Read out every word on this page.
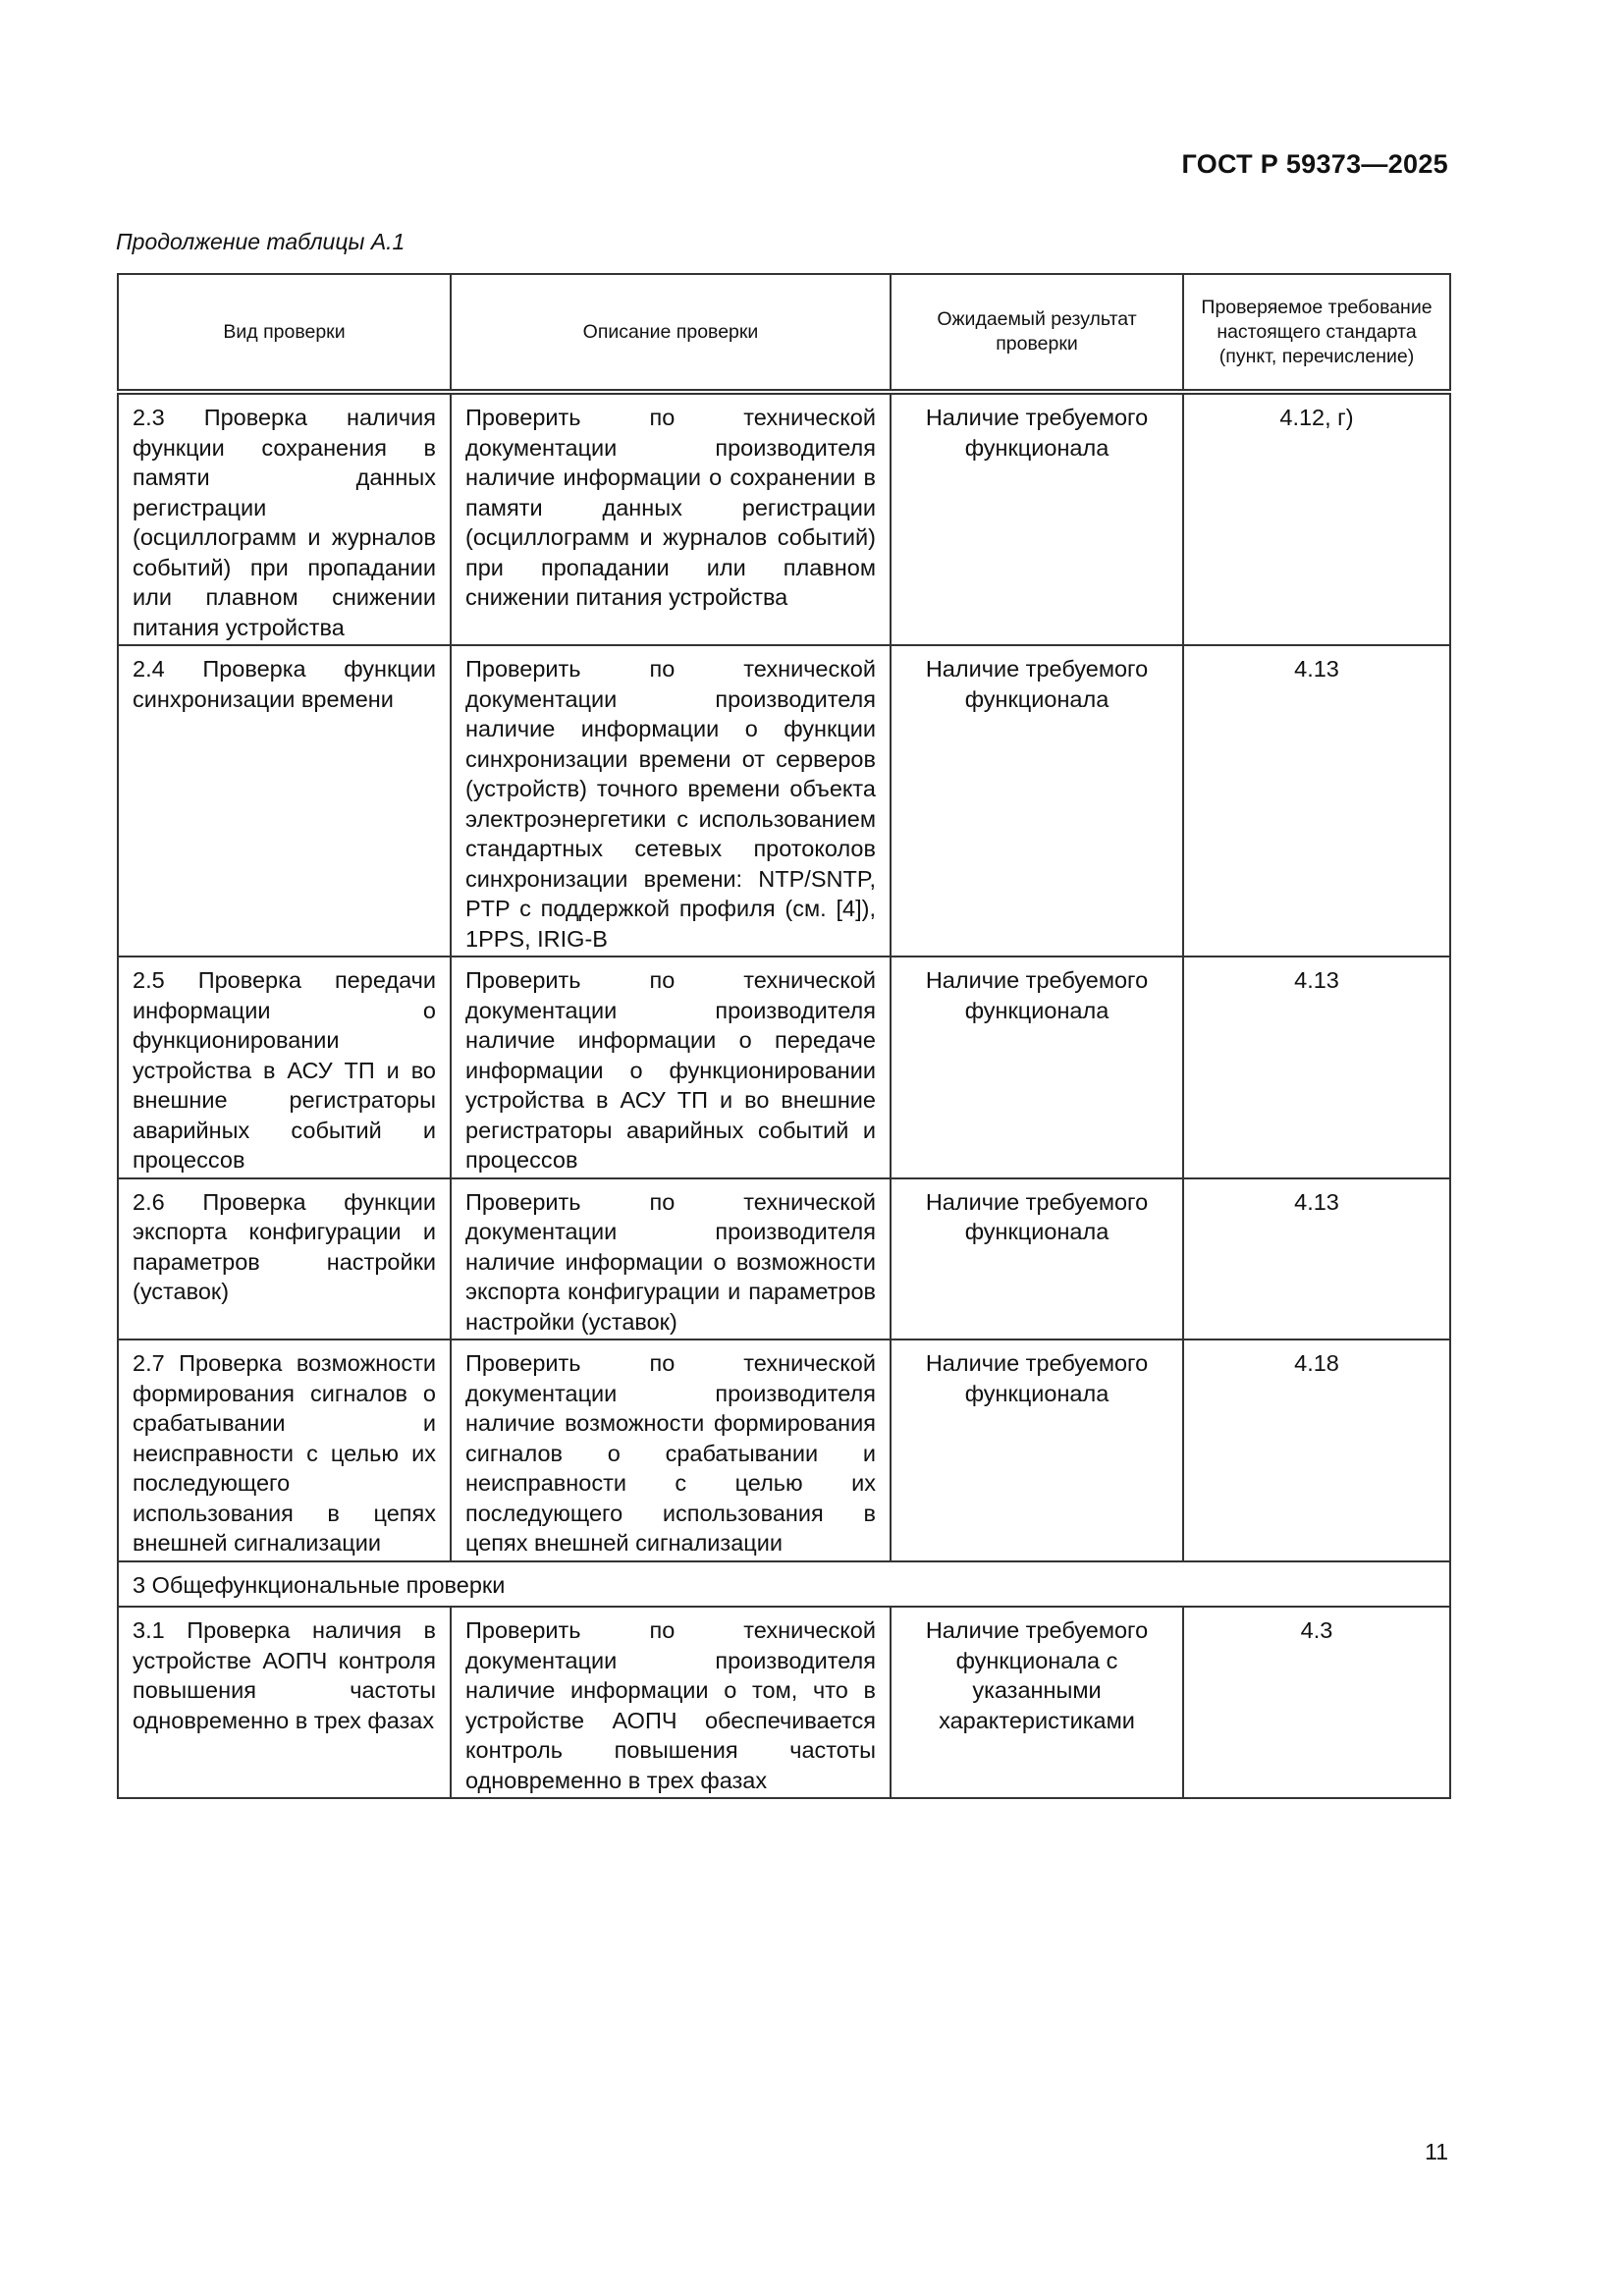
ГОСТ Р 59373—2025
Продолжение таблицы А.1
Вид проверки	Описание проверки	Ожидаемый результат проверки	Проверяемое требование настоящего стандарта (пункт, перечисление)
2.3 Проверка наличия функции сохранения в памяти данных регистрации (осциллограмм и журналов событий) при пропадании или плавном снижении питания устройства	Проверить по технической документации производителя наличие информации о сохранении в памяти данных регистрации (осциллограмм и журналов событий) при пропадании или плавном снижении питания устройства	Наличие требуемого функционала	4.12, г)
2.4 Проверка функции синхронизации времени	Проверить по технической документации производителя наличие информации о функции синхронизации времени от серверов (устройств) точного времени объекта электроэнергетики с использованием стандартных сетевых протоколов синхронизации времени: NTP/SNTP, PTP с поддержкой профиля (см. [4]), 1PPS, IRIG-B	Наличие требуемого функционала	4.13
2.5 Проверка передачи информации о функционировании устройства в АСУ ТП и во внешние регистраторы аварийных событий и процессов	Проверить по технической документации производителя наличие информации о передаче информации о функционировании устройства в АСУ ТП и во внешние регистраторы аварийных событий и процессов	Наличие требуемого функционала	4.13
2.6 Проверка функции экспорта конфигурации и параметров настройки (уставок)	Проверить по технической документации производителя наличие информации о возможности экспорта конфигурации и параметров настройки (уставок)	Наличие требуемого функционала	4.13
2.7 Проверка возможности формирования сигналов о срабатывании и неисправности с целью их последующего использования в цепях внешней сигнализации	Проверить по технической документации производителя наличие возможности формирования сигналов о срабатывании и неисправности с целью их последующего использования в цепях внешней сигнализации	Наличие требуемого функционала	4.18
3 Общефункциональные проверки			
3.1 Проверка наличия в устройстве АОПЧ контроля повышения частоты одновременно в трех фазах	Проверить по технической документации производителя наличие информации о том, что в устройстве АОПЧ обеспечивается контроль повышения частоты одновременно в трех фазах	Наличие требуемого функционала с указанными характеристиками	4.3
11
